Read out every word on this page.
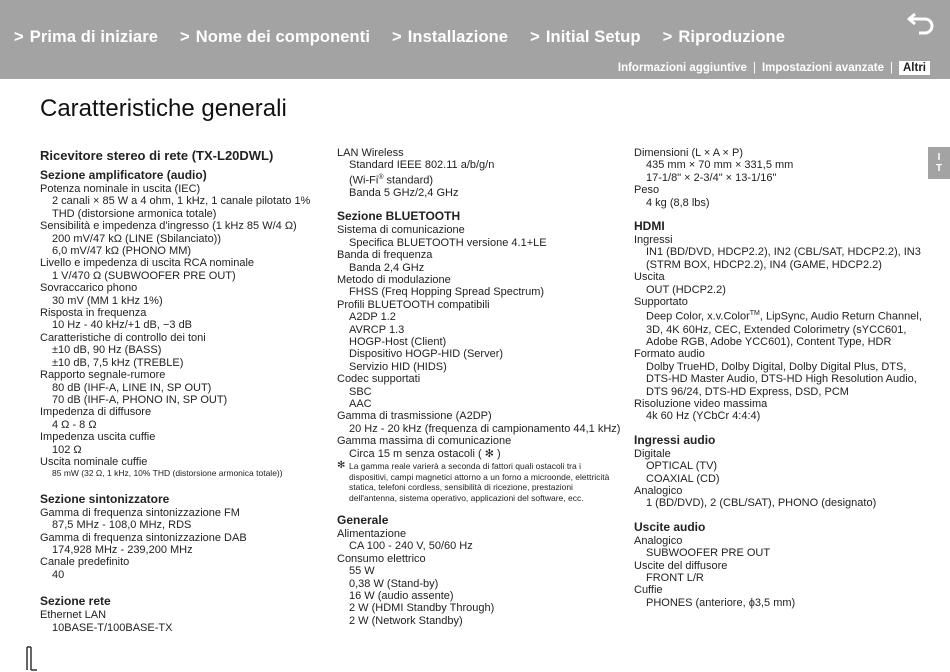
> Prima di iniziare > Nome dei componenti > Installazione > Initial Setup > Riproduzione
Informazioni aggiuntive | Impostazioni avanzate | Altri
Caratteristiche generali
I
T
Ricevitore stereo di rete (TX-L20DWL)
Sezione amplificatore (audio)
Potenza nominale in uscita (IEC)
2 canali × 85 W a 4 ohm, 1 kHz, 1 canale pilotato 1%
THD (distorsione armonica totale)
Sensibilità e impedenza d'ingresso (1 kHz 85 W/4 Ω)
200 mV/47 kΩ (LINE (Sbilanciato))
6,0 mV/47 kΩ (PHONO MM)
Livello e impedenza di uscita RCA nominale
1 V/470 Ω (SUBWOOFER PRE OUT)
Sovraccarico phono
30 mV (MM 1 kHz 1%)
Risposta in frequenza
10 Hz - 40 kHz/+1 dB, −3 dB
Caratteristiche di controllo dei toni
±10 dB, 90 Hz (BASS)
±10 dB, 7,5 kHz (TREBLE)
Rapporto segnale-rumore
80 dB (IHF-A, LINE IN, SP OUT)
70 dB (IHF-A, PHONO IN, SP OUT)
Impedenza di diffusore
4 Ω - 8 Ω
Impedenza uscita cuffie
102 Ω
Uscita nominale cuffie
85 mW (32 Ω, 1 kHz, 10% THD (distorsione armonica totale))
Sezione sintonizzatore
Gamma di frequenza sintonizzazione FM
87,5 MHz - 108,0 MHz, RDS
Gamma di frequenza sintonizzazione DAB
174,928 MHz - 239,200 MHz
Canale predefinito
40
Sezione rete
Ethernet LAN
10BASE-T/100BASE-TX
LAN Wireless
Standard IEEE 802.11 a/b/g/n
(Wi-Fi® standard)
Banda 5 GHz/2,4 GHz
Sezione BLUETOOTH
Sistema di comunicazione
Specifica BLUETOOTH versione 4.1+LE
Banda di frequenza
Banda 2,4 GHz
Metodo di modulazione
FHSS (Freq Hopping Spread Spectrum)
Profili BLUETOOTH compatibili
A2DP 1.2
AVRCP 1.3
HOGP-Host (Client)
Dispositivo HOGP-HID (Server)
Servizio HID (HIDS)
Codec supportati
SBC
AAC
Gamma di trasmissione (A2DP)
20 Hz - 20 kHz (frequenza di campionamento 44,1 kHz)
Gamma massima di comunicazione
Circa 15 m senza ostacoli ( ✻ )
✻ La gamma reale varierà a seconda di fattori quali ostacoli tra i dispositivi, campi magnetici attorno a un forno a microonde, elettricità statica, telefoni cordless, sensibilità di ricezione, prestazioni dell'antenna, sistema operativo, applicazioni del software, ecc.
Generale
Alimentazione
CA 100 - 240 V, 50/60 Hz
Consumo elettrico
55 W
0,38 W (Stand-by)
16 W (audio assente)
2 W (HDMI Standby Through)
2 W (Network Standby)
Dimensioni (L × A × P)
435 mm × 70 mm × 331,5 mm
17-1/8" × 2-3/4" × 13-1/16"
Peso
4 kg (8,8 lbs)
HDMI
Ingressi
IN1 (BD/DVD, HDCP2.2), IN2 (CBL/SAT, HDCP2.2), IN3
(STRM BOX, HDCP2.2), IN4 (GAME, HDCP2.2)
Uscita
OUT (HDCP2.2)
Supportato
Deep Color, x.v.Color™, LipSync, Audio Return Channel,
3D, 4K 60Hz, CEC, Extended Colorimetry (sYCC601,
Adobe RGB, Adobe YCC601), Content Type, HDR
Formato audio
Dolby TrueHD, Dolby Digital, Dolby Digital Plus, DTS,
DTS-HD Master Audio, DTS-HD High Resolution Audio,
DTS 96/24, DTS-HD Express, DSD, PCM
Risoluzione video massima
4k 60 Hz (YCbCr 4:4:4)
Ingressi audio
Digitale
OPTICAL (TV)
COAXIAL (CD)
Analogico
1 (BD/DVD), 2 (CBL/SAT), PHONO (designato)
Uscite audio
Analogico
SUBWOOFER PRE OUT
Uscite del diffusore
FRONT L/R
Cuffie
PHONES (anteriore, ϕ3,5 mm)
